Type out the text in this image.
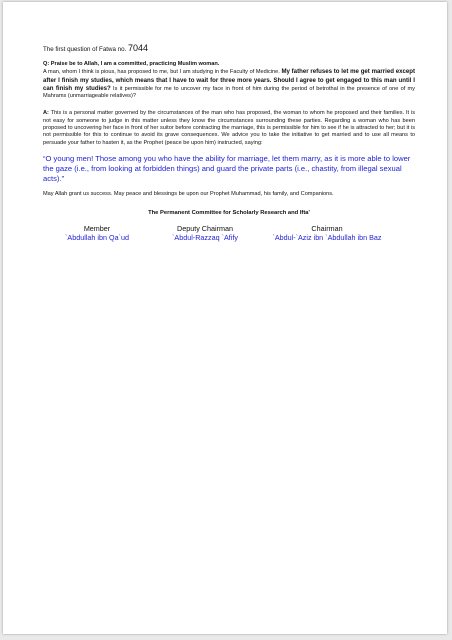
The first question of Fatwa no. 7044

Q: Praise be to Allah, I am a committed, practicing Muslim woman.
A man, whom I think is pious, has proposed to me, but I am studying in the Faculty of Medicine. My father refuses to let me get married except after I finish my studies, which means that I have to wait for three more years. Should I agree to get engaged to this man until I can finish my studies? Is it permissible for me to uncover my face in front of him during the period of betrothal in the presence of one of my Mahrams (unmarriageable relatives)?

A: This is a personal matter governed by the circumstances of the man who has proposed, the woman to whom he proposed and their families. It is not easy for someone to judge in this matter unless they know the circumstances surrounding these parties. Regarding a woman who has been proposed to uncovering her face in front of her suitor before contracting the marriage, this is permissible for him to see if he is attracted to her; but it is not permissible for this to continue to avoid its grave consequences. We advice you to take the initiative to get married and to use all means to persuade your father to hasten it, as the Prophet (peace be upon him) instructed, saying:

“O young men! Those among you who have the ability for marriage, let them marry, as it is more able to lower the gaze (i.e., from looking at forbidden things) and guard the private parts (i.e., chastity, from illegal sexual acts).”

May Allah grant us success. May peace and blessings be upon our Prophet Muhammad, his family, and Companions.

The Permanent Committee for Scholarly Research and Ifta'
Member
`Abdullah ibn Qa`ud
Deputy Chairman
`Abdul-Razzaq `Afify
Chairman
`Abdul-`Aziz ibn `Abdullah ibn Baz
